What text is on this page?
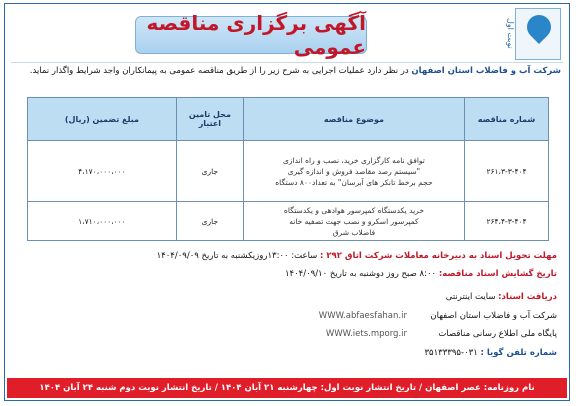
نوبت اول
آگهی برگزاری مناقصه عمومی
شرکت آب و فاضلاب استان اصفهان در نظر دارد عملیات اجرایی به شرح زیر را از طریق مناقصه عمومی به پیمانکاران واجد شرایط واگذار نماید.
شماره مناقصه	موضوع مناقصه	محل تامین اعتبار	مبلغ تضمین (ریال)
۲۶۱،۳-۳-۴۰۴	توافق نامه کارگزاری خرید، نصب و راه اندازی
"سیستم رصد مقاصد فروش و اندازه گیری
حجم برخط تانکر های آبرسان" به تعداد۸۰۰ دستگاه	جاری	۴،۱۷۰،۰۰۰،۰۰۰
۲۶۴،۴-۳-۴۰۴	خرید یکدستگاه کمپرسور هوادهی و یکدستگاه
کمپرسور اسکرو و نصب جهت تصفیه خانه
فاضلاب شرق	جاری	۱،۷۱۰،۰۰۰،۰۰۰
مهلت تحویل اسناد به دبیرخانه معاملات شرکت اتاق ۲۹۲ : ساعت: ۱۳:۰۰روزیکشنبه به تاریخ ۱۴۰۴/۰۹/۰۹
تاریخ گشایش اسناد مناقصه: ۸:۰۰ صبح روز دوشنبه به تاریخ ۱۴۰۴/۰۹/۱۰
دریافت اسناد: سایت اینترنتی
شرکت آب و فاضلاب استان اصفهان  WWW.abfaesfahan.ir
پایگاه ملی اطلاع رسانی مناقصات  WWW.iets.mporg.ir
شماره تلفن گویا : ۰۳۱-۳۵۱۳۳۳۹۵
نام روزنامه: عصر اصفهان / تاریخ انتشار نوبت اول: چهارشنبه ۲۱ آبان ۱۴۰۴ / تاریخ انتشار نوبت دوم شنبه ۲۴ آبان ۱۴۰۴
